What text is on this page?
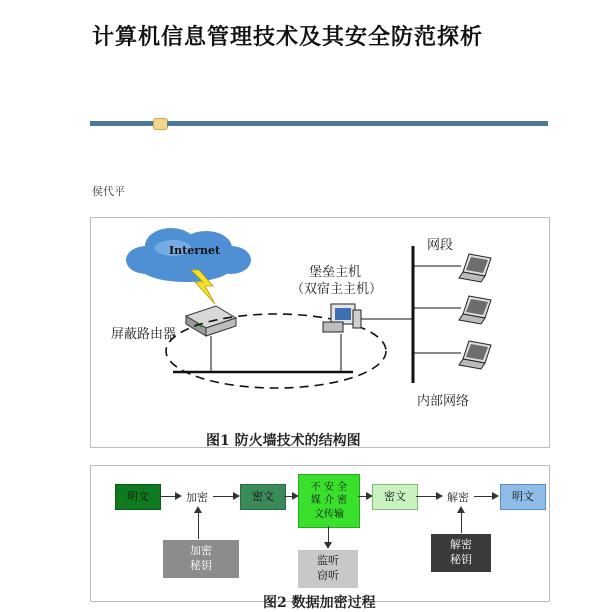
计算机信息管理技术及其安全防范探析
侯代平
Internet
屏蔽路由器
堡垒主机
（双宿主主机）
网段
内部网络
图1 防火墙技术的结构图
明文	加密	密文
不 安 全
媒 介 密
文传输
密文	解密	明文
加密
秘钥	监听
窃听
解密
秘钥
图2 数据加密过程
